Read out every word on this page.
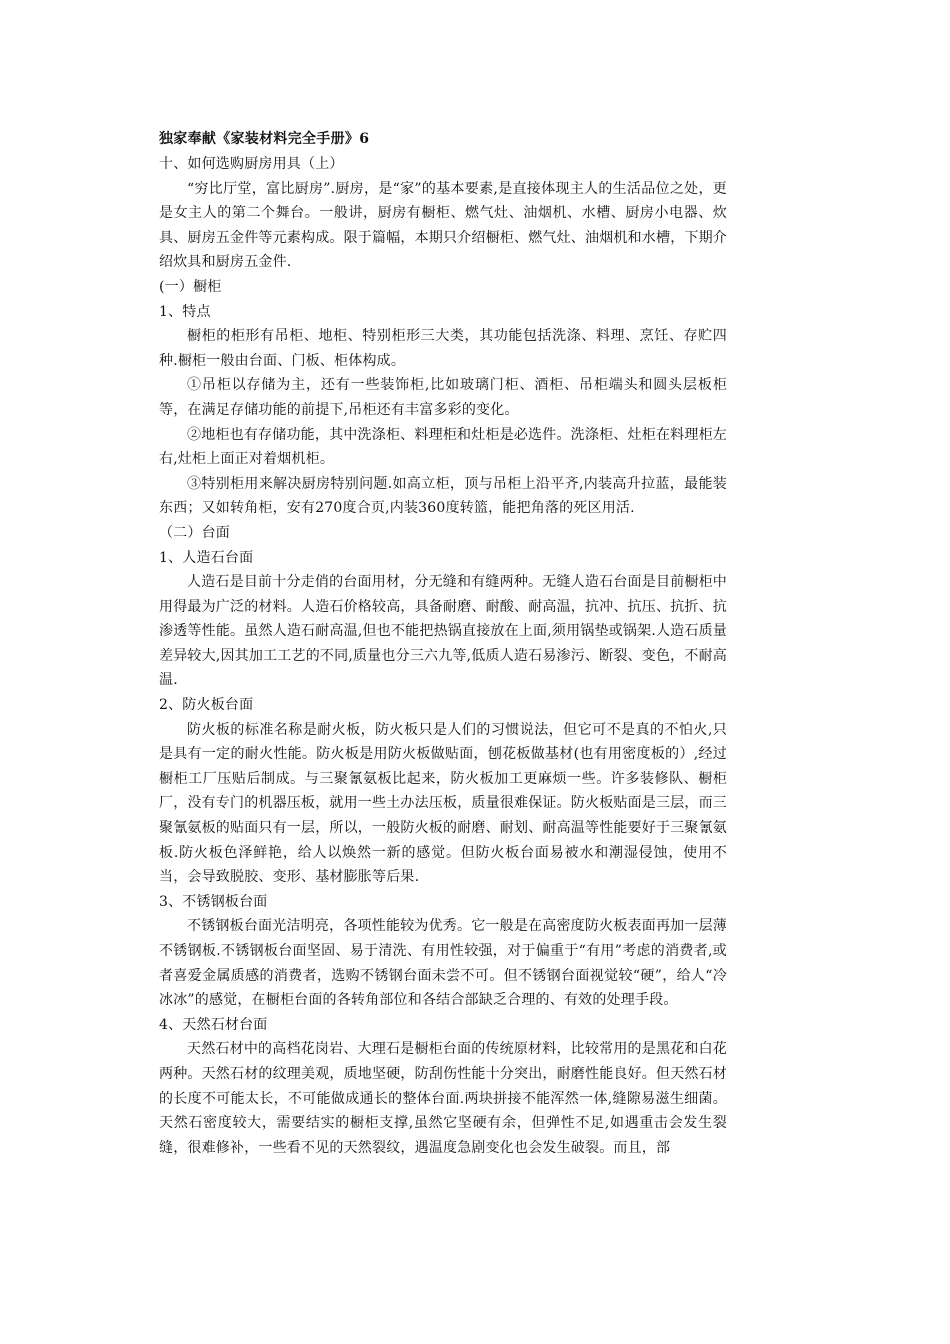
独家奉献《家装材料完全手册》6

十、如何选购厨房用具（上）

“穷比厅堂，富比厨房”.厨房，是“家”的基本要素,是直接体现主人的生活品位之处，更是女主人的第二个舞台。一般讲，厨房有橱柜、燃气灶、油烟机、水槽、厨房小电器、炊具、厨房五金件等元素构成。限于篇幅，本期只介绍橱柜、燃气灶、油烟机和水槽，下期介绍炊具和厨房五金件.

(一）橱柜

1、特点

橱柜的柜形有吊柜、地柜、特别柜形三大类，其功能包括洗涤、料理、烹饪、存贮四种.橱柜一般由台面、门板、柜体构成。

①吊柜以存储为主，还有一些装饰柜,比如玻璃门柜、酒柜、吊柜端头和圆头层板柜等，在满足存储功能的前提下,吊柜还有丰富多彩的变化。

②地柜也有存储功能，其中洗涤柜、料理柜和灶柜是必选件。洗涤柜、灶柜在料理柜左右,灶柜上面正对着烟机柜。

③特别柜用来解决厨房特别问题.如高立柜，顶与吊柜上沿平齐,内装高升拉蓝，最能装东西；又如转角柜，安有270度合页,内装360度转篮，能把角落的死区用活.

（二）台面

1、人造石台面

人造石是目前十分走俏的台面用材，分无缝和有缝两种。无缝人造石台面是目前橱柜中用得最为广泛的材料。人造石价格较高，具备耐磨、耐酸、耐高温，抗冲、抗压、抗折、抗渗透等性能。虽然人造石耐高温,但也不能把热锅直接放在上面,须用锅垫或锅架.人造石质量差异较大,因其加工工艺的不同,质量也分三六九等,低质人造石易渗污、断裂、变色，不耐高温.

2、防火板台面

防火板的标准名称是耐火板，防火板只是人们的习惯说法，但它可不是真的不怕火,只是具有一定的耐火性能。防火板是用防火板做贴面，刨花板做基材(也有用密度板的）,经过橱柜工厂压贴后制成。与三聚氰氨板比起来，防火板加工更麻烦一些。许多装修队、橱柜厂，没有专门的机器压板，就用一些土办法压板，质量很难保证。防火板贴面是三层，而三聚氰氨板的贴面只有一层，所以，一般防火板的耐磨、耐划、耐高温等性能要好于三聚氰氨板.防火板色泽鲜艳，给人以焕然一新的感觉。但防火板台面易被水和潮湿侵蚀，使用不当，会导致脱胶、变形、基材膨胀等后果.

3、不锈钢板台面

不锈钢板台面光洁明亮，各项性能较为优秀。它一般是在高密度防火板表面再加一层薄不锈钢板.不锈钢板台面坚固、易于清洗、有用性较强，对于偏重于“有用”考虑的消费者,或者喜爱金属质感的消费者，选购不锈钢台面未尝不可。但不锈钢台面视觉较“硬”，给人“冷冰冰”的感觉，在橱柜台面的各转角部位和各结合部缺乏合理的、有效的处理手段。

4、天然石材台面

天然石材中的高档花岗岩、大理石是橱柜台面的传统原材料，比较常用的是黑花和白花两种。天然石材的纹理美观，质地坚硬，防刮伤性能十分突出，耐磨性能良好。但天然石材的长度不可能太长，不可能做成通长的整体台面.两块拼接不能浑然一体,缝隙易滋生细菌。天然石密度较大，需要结实的橱柜支撑,虽然它坚硬有余，但弹性不足,如遇重击会发生裂缝，很难修补，一些看不见的天然裂纹，遇温度急剧变化也会发生破裂。而且，部
